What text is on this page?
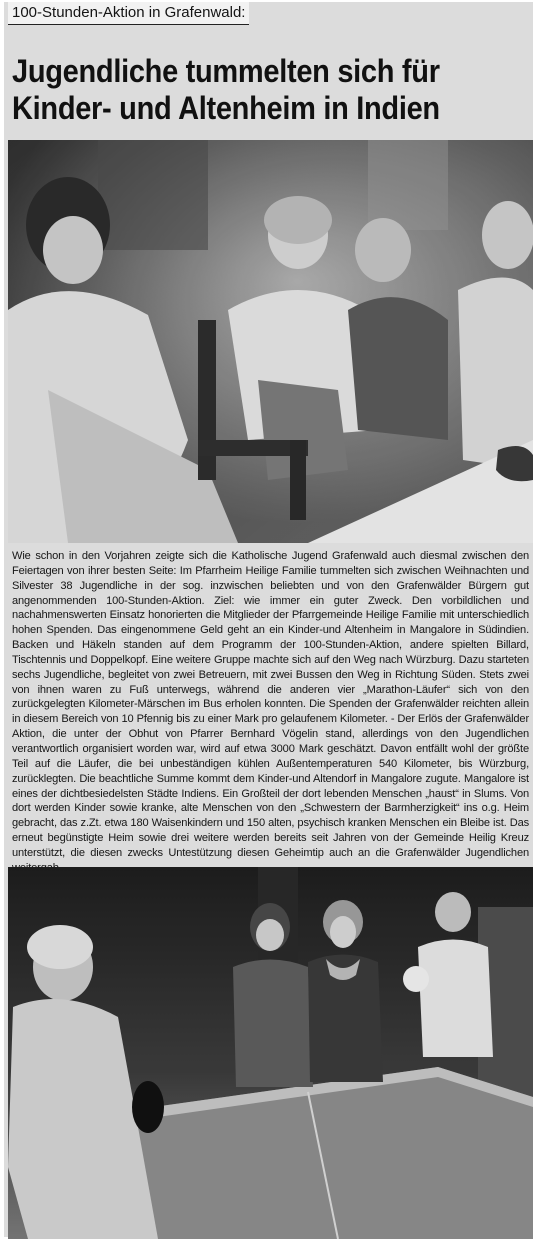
100-Stunden-Aktion in Grafenwald:
Jugendliche tummelten sich für Kinder- und Altenheim in Indien

Wie schon in den Vorjahren zeigte sich die Katholische Jugend Grafenwald auch diesmal zwischen den Feiertagen von ihrer besten Seite: Im Pfarrheim Heilige Familie tummelten sich zwischen Weihnachten und Silvester 38 Jugendliche in der sog. inzwischen beliebten und von den Grafenwälder Bürgern gut angenommenden 100-Stunden-Aktion. Ziel: wie immer ein guter Zweck. Den vorbildlichen und nachahmenswerten Einsatz honorierten die Mitglieder der Pfarrgemeinde Heilige Familie mit unterschiedlich hohen Spenden. Das eingenommene Geld geht an ein Kinder-und Altenheim in Mangalore in Südindien. Backen und Häkeln standen auf dem Programm der 100-Stunden-Aktion, andere spielten Billard, Tischtennis und Doppelkopf. Eine weitere Gruppe machte sich auf den Weg nach Würzburg. Dazu starteten sechs Jugendliche, begleitet von zwei Betreuern, mit zwei Bussen den Weg in Richtung Süden. Stets zwei von ihnen waren zu Fuß unterwegs, während die anderen vier „Marathon-Läufer“ sich von den zurückgelegten Kilometer-Märschen im Bus erholen konnten. Die Spenden der Grafenwälder reichten allein in diesem Bereich von 10 Pfennig bis zu einer Mark pro gelaufenem Kilometer. - Der Erlös der Grafenwälder Aktion, die unter der Obhut von Pfarrer Bernhard Vögelin stand, allerdings von den Jugendlichen verantwortlich organisiert worden war, wird auf etwa 3000 Mark geschätzt. Davon entfällt wohl der größte Teil auf die Läufer, die bei unbeständigen kühlen Außentemperaturen 540 Kilometer, bis Würzburg, zurücklegten. Die beachtliche Summe kommt dem Kinder-und Altendorf in Mangalore zugute. Mangalore ist eines der dichtbesiedelsten Städte Indiens. Ein Großteil der dort lebenden Menschen „haust“ in Slums. Von dort werden Kinder sowie kranke, alte Menschen von den „Schwestern der Barmherzigkeit“ ins o.g. Heim gebracht, das z.Zt. etwa 180 Waisenkindern und 150 alten, psychisch kranken Menschen ein Bleibe ist. Das erneut begünstigte Heim sowie drei weitere werden bereits seit Jahren von der Gemeinde Heilig Kreuz unterstützt, die diesen zwecks Untestützung diesen Geheimtip auch an die Grafenwälder Jugendlichen
